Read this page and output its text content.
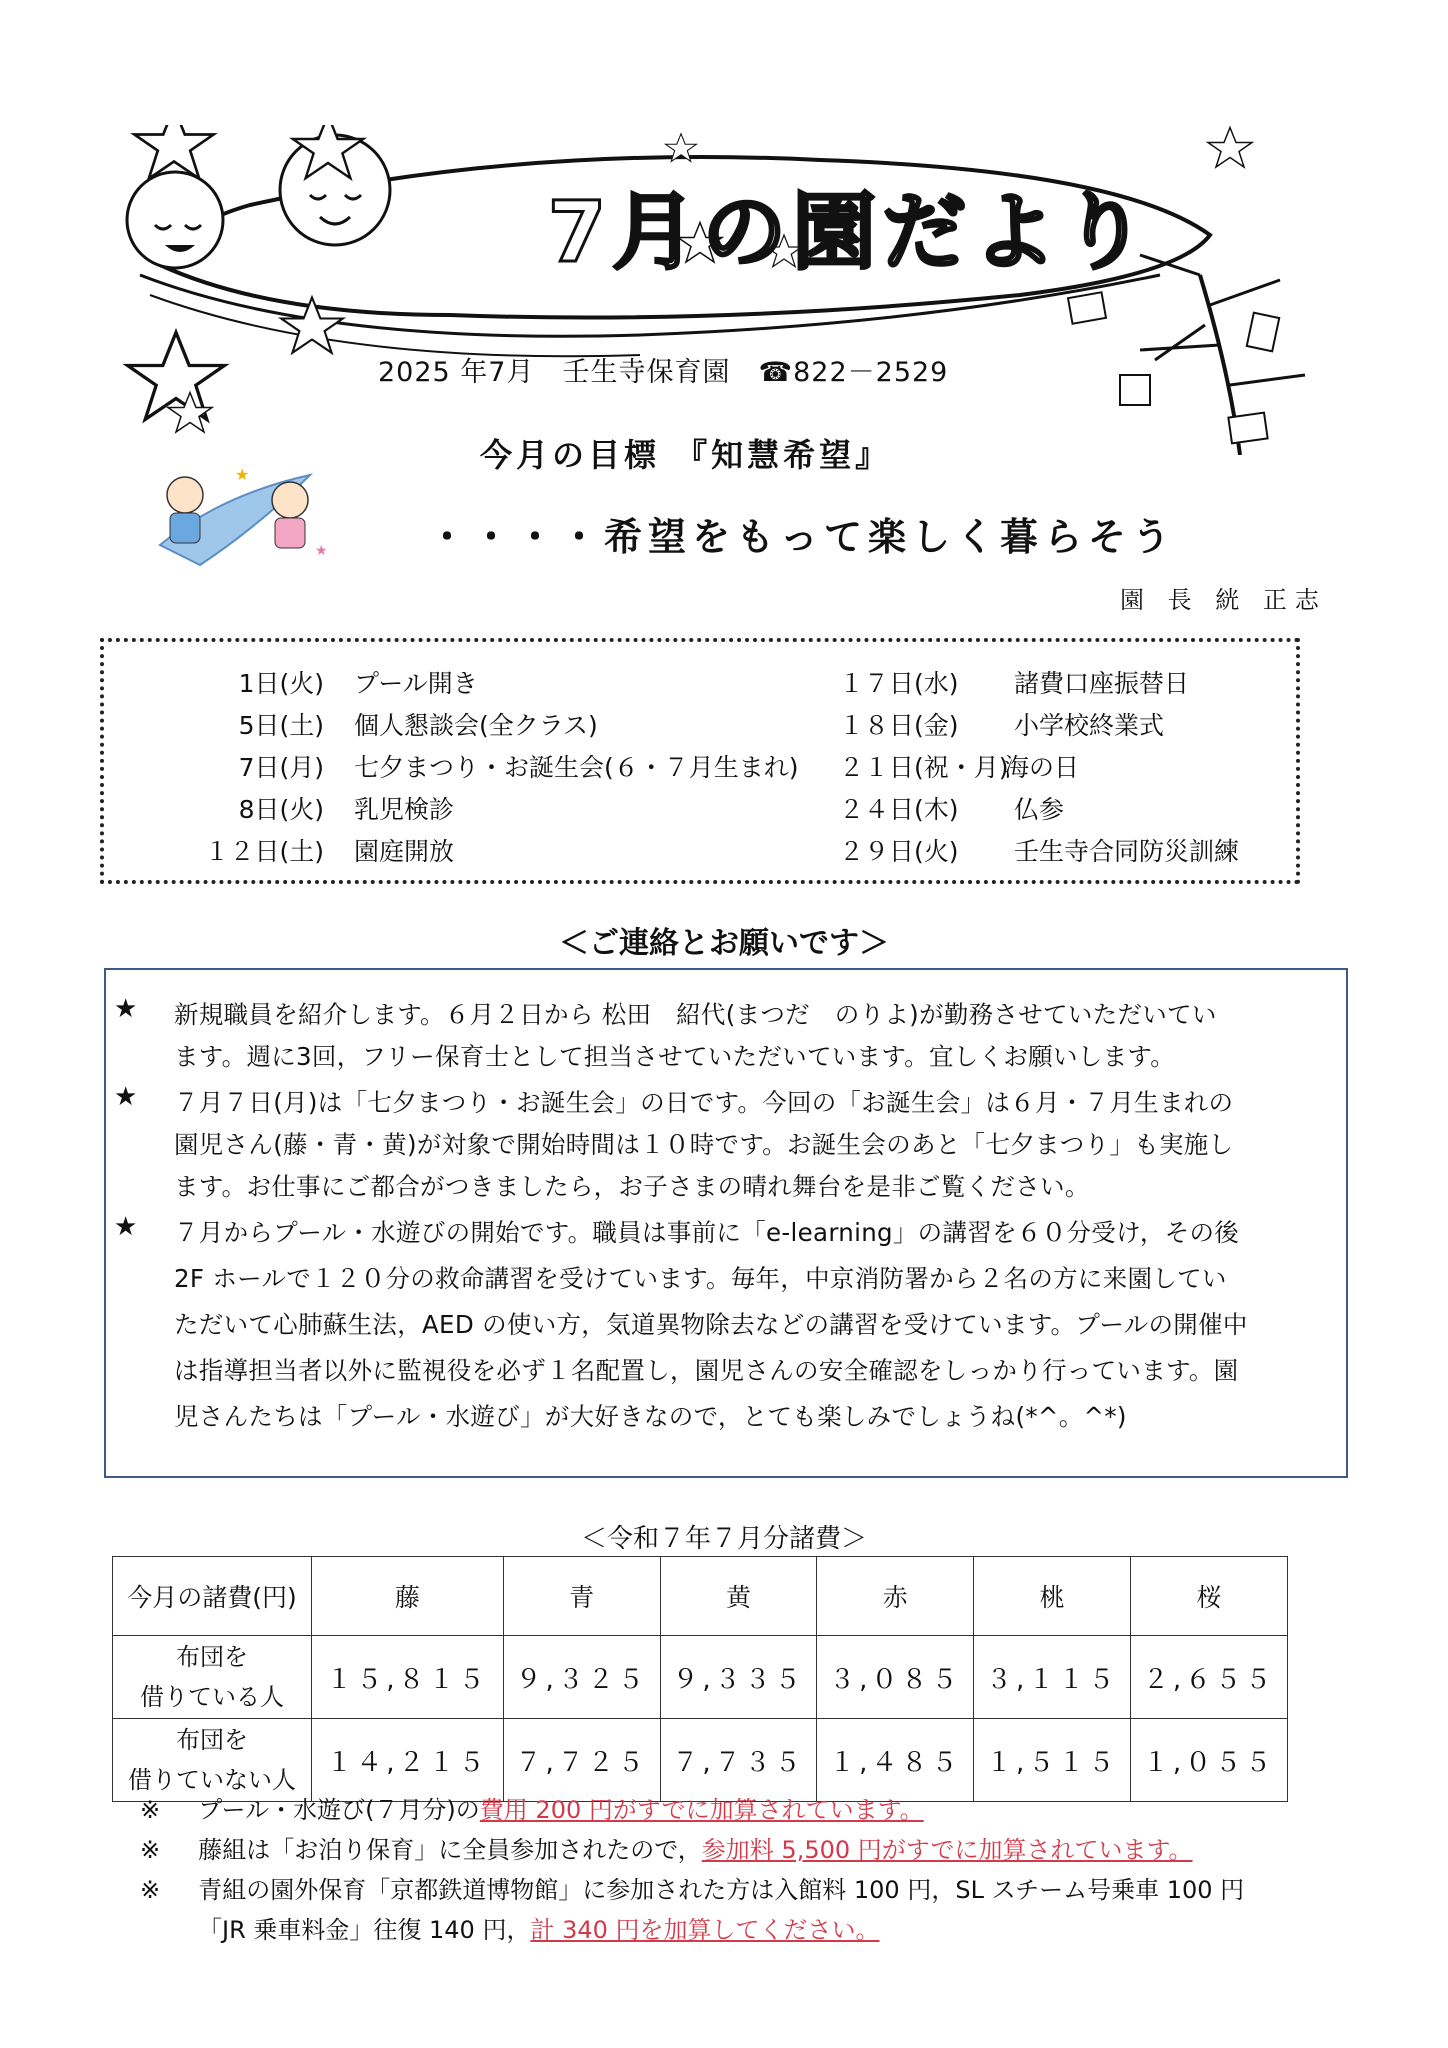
7月の園だより
★
★
2025 年7月　壬生寺保育園　☎822－2529
今月の目標 『知慧希望』
・・・・希望をもって楽しく暮らそう
園 長 絖 正志
1日(火) プール開き
5日(土) 個人懇談会(全クラス)
7日(月) 七夕まつり・お誕生会(６・７月生まれ)
8日(火) 乳児検診
１２日(土) 園庭開放
１７日(水) 諸費口座振替日
１８日(金) 小学校終業式
２１日(祝・月)海の日
２４日(木) 仏参
２９日(火) 壬生寺合同防災訓練
＜ご連絡とお願いです＞
★ 新規職員を紹介します。６月２日から 松田　紹代(まつだ　のりよ)が勤務させていただいてい
ます。週に3回，フリー保育士として担当させていただいています。宜しくお願いします。
★ ７月７日(月)は「七夕まつり・お誕生会」の日です。今回の「お誕生会」は６月・７月生まれの
園児さん(藤・青・黄)が対象で開始時間は１０時です。お誕生会のあと「七夕まつり」も実施し
ます。お仕事にご都合がつきましたら，お子さまの晴れ舞台を是非ご覧ください。
★ ７月からプール・水遊びの開始です。職員は事前に「e-learning」の講習を６０分受け，その後
2F ホールで１２０分の救命講習を受けています。毎年，中京消防署から２名の方に来園してい
ただいて心肺蘇生法，AED の使い方，気道異物除去などの講習を受けています。プールの開催中
は指導担当者以外に監視役を必ず１名配置し，園児さんの安全確認をしっかり行っています。園
児さんたちは「プール・水遊び」が大好きなので，とても楽しみでしょうね(*^。^*)
＜令和７年７月分諸費＞
今月の諸費(円)	藤	青	黄	赤	桃	桜
布団を
借りている人	１５,８１５	９,３２５	９,３３５	３,０８５	３,１１５	２,６５５
布団を
借りていない人	１４,２１５	７,７２５	７,７３５	１,４８５	１,５１５	１,０５５
※ プール・水遊び(７月分)の費用 200 円がすでに加算されています。
※ 藤組は「お泊り保育」に全員参加されたので，参加料 5,500 円がすでに加算されています。
※ 青組の園外保育「京都鉄道博物館」に参加された方は入館料 100 円，SL スチーム号乗車 100 円
「JR 乗車料金」往復 140 円，計 340 円を加算してください。
